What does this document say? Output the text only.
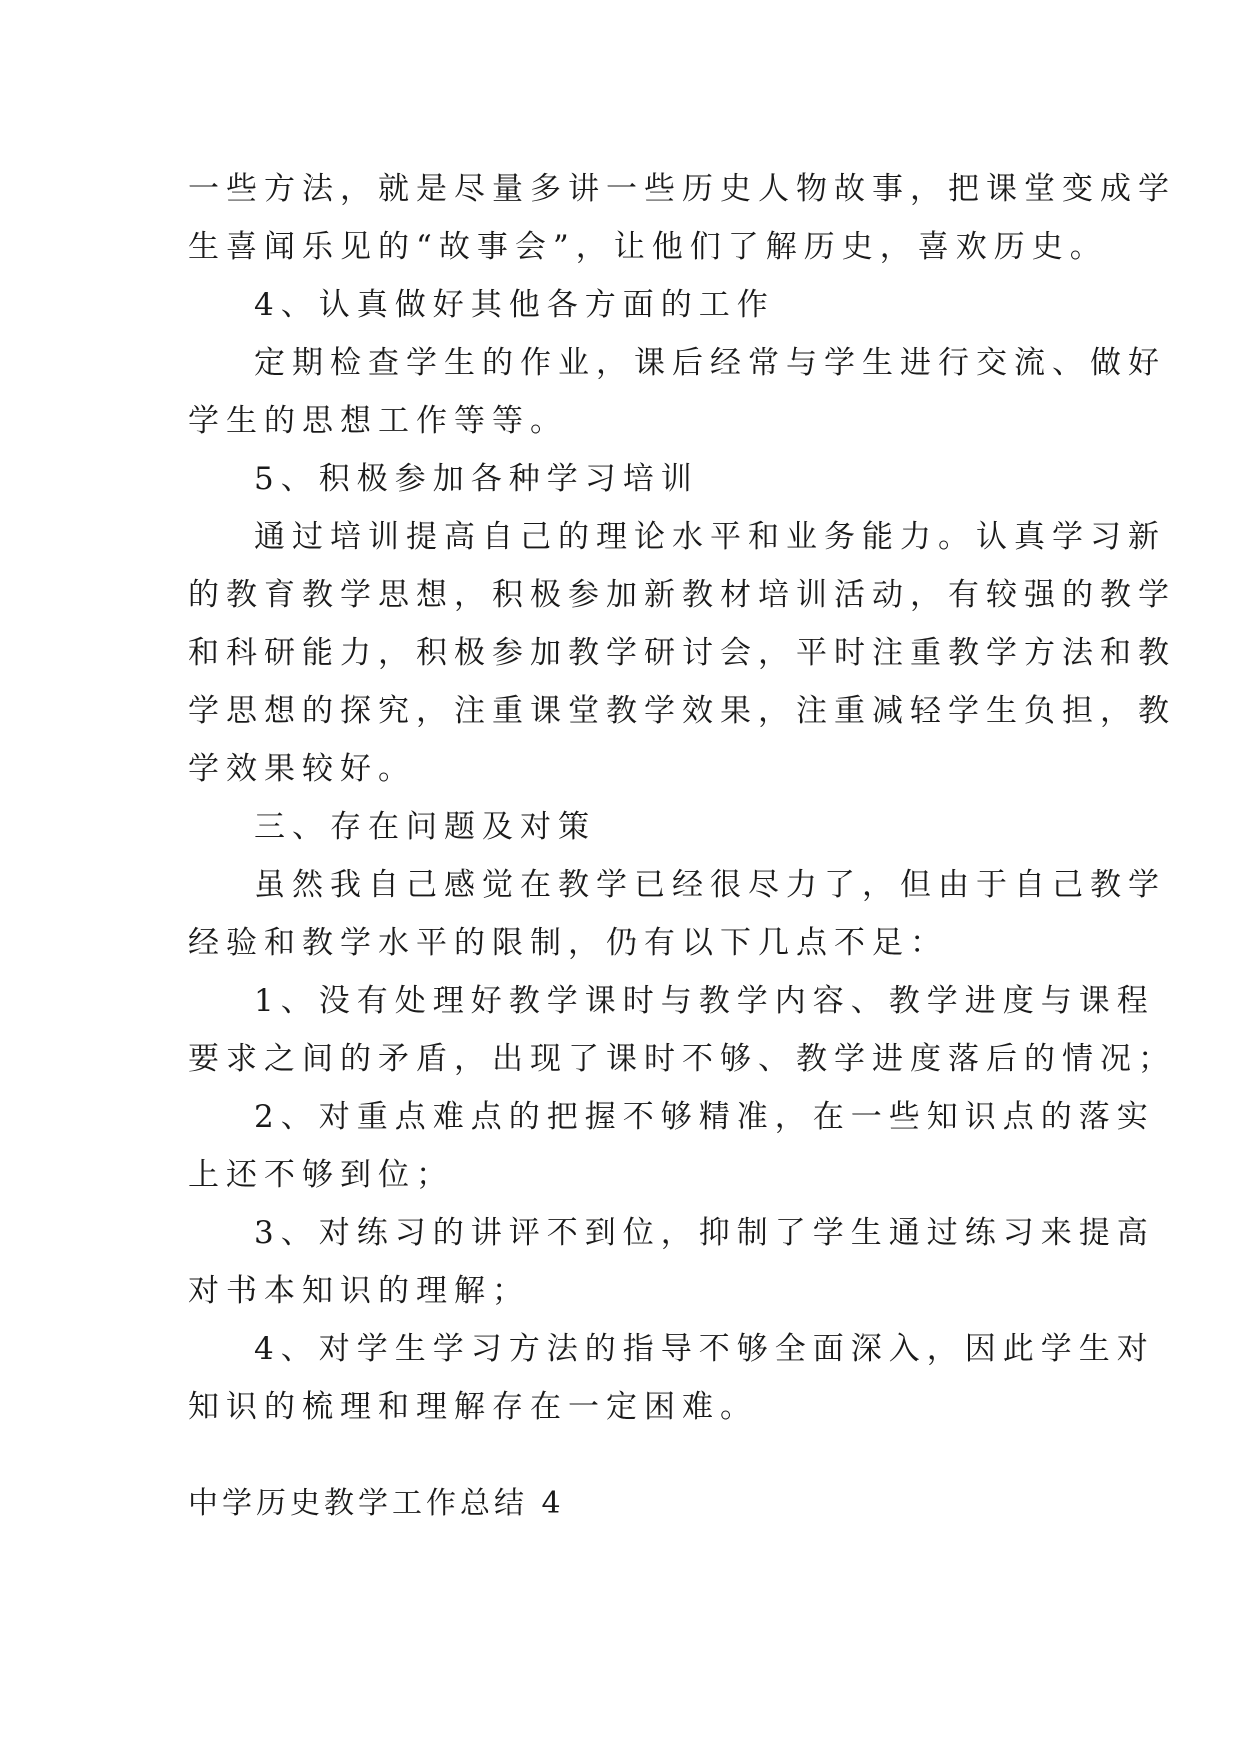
一些方法，就是尽量多讲一些历史人物故事，把课堂变成学
生喜闻乐见的“故事会”，让他们了解历史，喜欢历史。
4、认真做好其他各方面的工作
定期检查学生的作业，课后经常与学生进行交流、做好
学生的思想工作等等。
5、积极参加各种学习培训
通过培训提高自己的理论水平和业务能力。认真学习新
的教育教学思想，积极参加新教材培训活动，有较强的教学
和科研能力，积极参加教学研讨会，平时注重教学方法和教
学思想的探究，注重课堂教学效果，注重减轻学生负担，教
学效果较好。
三、存在问题及对策
虽然我自己感觉在教学已经很尽力了，但由于自己教学
经验和教学水平的限制，仍有以下几点不足：
1、没有处理好教学课时与教学内容、教学进度与课程
要求之间的矛盾，出现了课时不够、教学进度落后的情况；
2、对重点难点的把握不够精准，在一些知识点的落实
上还不够到位；
3、对练习的讲评不到位，抑制了学生通过练习来提高
对书本知识的理解；
4、对学生学习方法的指导不够全面深入，因此学生对
知识的梳理和理解存在一定困难。
中学历史教学工作总结 4
